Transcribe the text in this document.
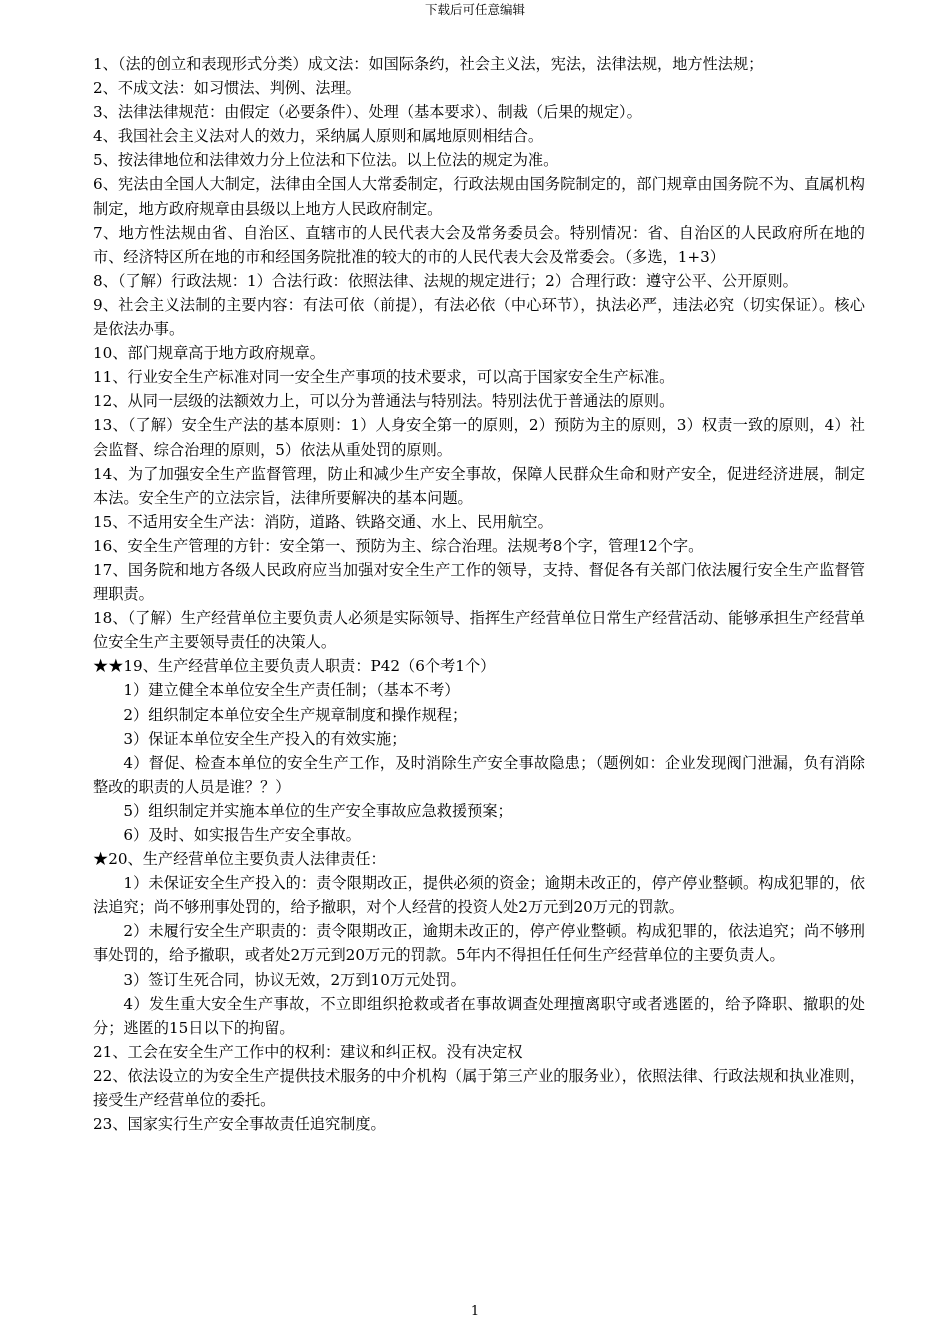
下载后可任意编辑

1、（法的创立和表现形式分类）成文法：如国际条约，社会主义法，宪法，法律法规，地方性法规；

2、不成文法：如习惯法、判例、法理。

3、法律法律规范：由假定（必要条件）、处理（基本要求）、制裁（后果的规定）。

4、我国社会主义法对人的效力，采纳属人原则和属地原则相结合。

5、按法律地位和法律效力分上位法和下位法。以上位法的规定为准。

6、宪法由全国人大制定，法律由全国人大常委制定，行政法规由国务院制定的，部门规章由国务院不为、直属机构制定，地方政府规章由县级以上地方人民政府制定。

7、地方性法规由省、自治区、直辖市的人民代表大会及常务委员会。特别情况：省、自治区的人民政府所在地的市、经济特区所在地的市和经国务院批准的较大的市的人民代表大会及常委会。（多选，1+3）

8、（了解）行政法规：1）合法行政：依照法律、法规的规定进行；2）合理行政：遵守公平、公开原则。

9、社会主义法制的主要内容：有法可依（前提），有法必依（中心环节），执法必严，违法必究（切实保证）。核心是依法办事。

10、部门规章高于地方政府规章。

11、行业安全生产标准对同一安全生产事项的技术要求，可以高于国家安全生产标准。

12、从同一层级的法额效力上，可以分为普通法与特别法。特别法优于普通法的原则。

13、（了解）安全生产法的基本原则：1）人身安全第一的原则，2）预防为主的原则，3）权责一致的原则，4）社会监督、综合治理的原则，5）依法从重处罚的原则。

14、为了加强安全生产监督管理，防止和减少生产安全事故，保障人民群众生命和财产安全，促进经济进展，制定本法。安全生产的立法宗旨，法律所要解决的基本问题。

15、不适用安全生产法：消防，道路、铁路交通、水上、民用航空。

16、安全生产管理的方针：安全第一、预防为主、综合治理。法规考8个字，管理12个字。

17、国务院和地方各级人民政府应当加强对安全生产工作的领导，支持、督促各有关部门依法履行安全生产监督管理职责。

18、（了解）生产经营单位主要负责人必须是实际领导、指挥生产经营单位日常生产经营活动、能够承担生产经营单位安全生产主要领导责任的决策人。

★★19、生产经营单位主要负责人职责：P42（6个考1个）

1）建立健全本单位安全生产责任制；（基本不考）

2）组织制定本单位安全生产规章制度和操作规程；

3）保证本单位安全生产投入的有效实施；

4）督促、检查本单位的安全生产工作，及时消除生产安全事故隐患；（题例如：企业发现阀门泄漏，负有消除整改的职责的人员是谁？？）

5）组织制定并实施本单位的生产安全事故应急救援预案；

6）及时、如实报告生产安全事故。

★20、生产经营单位主要负责人法律责任：

1）未保证安全生产投入的：责令限期改正，提供必须的资金；逾期未改正的，停产停业整顿。构成犯罪的，依法追究；尚不够刑事处罚的，给予撤职，对个人经营的投资人处2万元到20万元的罚款。

2）未履行安全生产职责的：责令限期改正，逾期未改正的，停产停业整顿。构成犯罪的，依法追究；尚不够刑事处罚的，给予撤职，或者处2万元到20万元的罚款。5年内不得担任任何生产经营单位的主要负责人。

3）签订生死合同，协议无效，2万到10万元处罚。

4）发生重大安全生产事故，不立即组织抢救或者在事故调查处理擅离职守或者逃匿的，给予降职、撤职的处分；逃匿的15日以下的拘留。

21、工会在安全生产工作中的权利：建议和纠正权。没有决定权

22、依法设立的为安全生产提供技术服务的中介机构（属于第三产业的服务业），依照法律、行政法规和执业准则，接受生产经营单位的委托。

23、国家实行生产安全事故责任追究制度。

1
